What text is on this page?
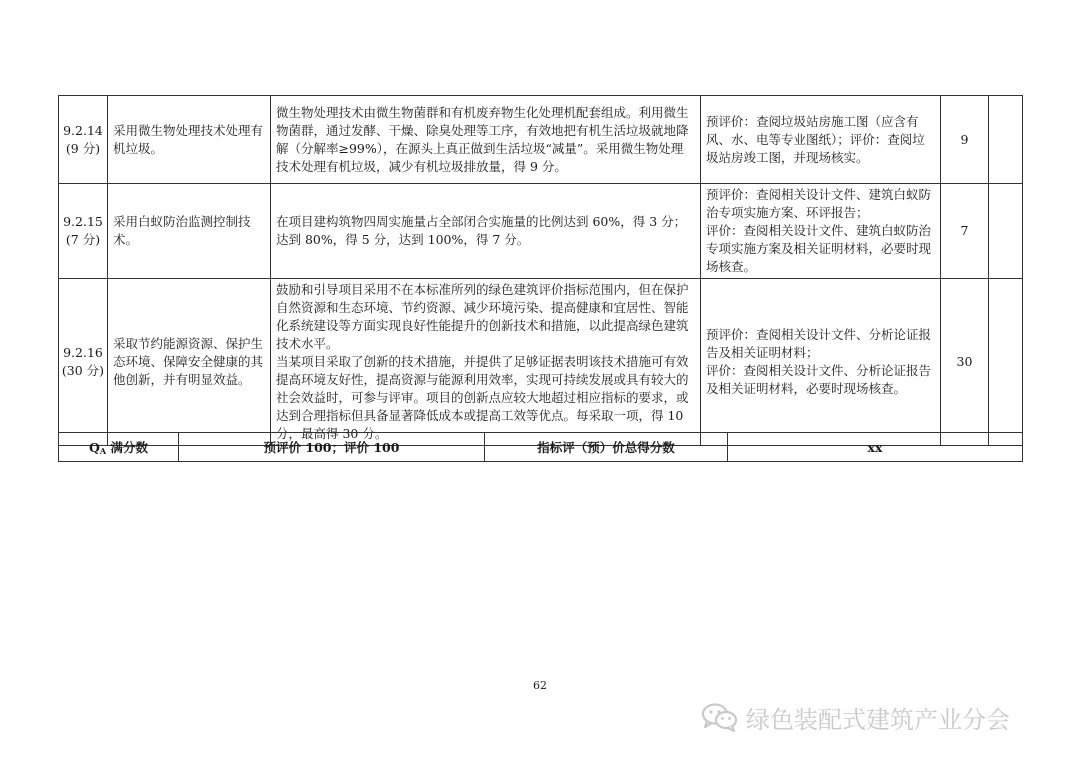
9.2.14
(9 分)	采用微生物处理技术处理有机垃圾。	微生物处理技术由微生物菌群和有机废弃物生化处理机配套组成。利用微生物菌群，通过发酵、干燥、除臭处理等工序，有效地把有机生活垃圾就地降解（分解率≥99%），在源头上真正做到生活垃圾“减量”。采用微生物处理技术处理有机垃圾，减少有机垃圾排放量，得 9 分。	预评价：查阅垃圾站房施工图（应含有风、水、电等专业图纸）；评价：查阅垃圾站房竣工图，并现场核实。	9	

9.2.15
(7 分)	采用白蚁防治监测控制技术。	在项目建构筑物四周实施量占全部闭合实施量的比例达到 60%，得 3 分；达到 80%，得 5 分，达到 100%，得 7 分。	预评价：查阅相关设计文件、建筑白蚁防治专项实施方案、环评报告；
评价：查阅相关设计文件、建筑白蚁防治专项实施方案及相关证明材料，必要时现场核查。	7	

9.2.16
(30 分)	采取节约能源资源、保护生态环境、保障安全健康的其他创新，并有明显效益。	鼓励和引导项目采用不在本标准所列的绿色建筑评价指标范围内，但在保护自然资源和生态环境、节约资源、减少环境污染、提高健康和宜居性、智能化系统建设等方面实现良好性能提升的创新技术和措施，以此提高绿色建筑技术水平。
当某项目采取了创新的技术措施，并提供了足够证据表明该技术措施可有效提高环境友好性，提高资源与能源利用效率，实现可持续发展或具有较大的社会效益时，可参与评审。项目的创新点应较大地超过相应指标的要求，或达到合理指标但具备显著降低成本或提高工效等优点。每采取一项，得 10 分，最高得 30 分。	预评价：查阅相关设计文件、分析论证报告及相关证明材料；
评价：查阅相关设计文件、分析论证报告及相关证明材料，必要时现场核查。	30	
$Q_A$ 满分数	预评价 100；评价 100	指标评（预）价总得分数	xx
62
绿色装配式建筑产业分会
